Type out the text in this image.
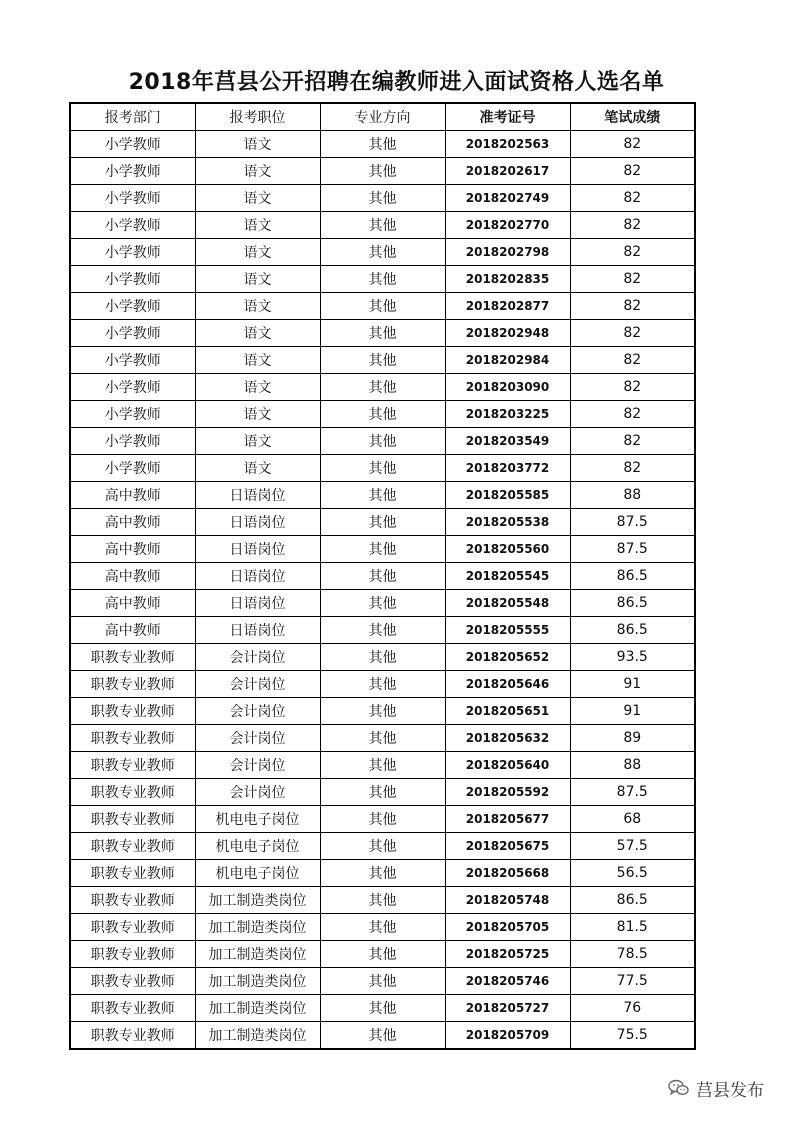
2018年莒县公开招聘在编教师进入面试资格人选名单
报考部门	报考职位	专业方向	准考证号	笔试成绩
小学教师	语文	其他	2018202563	82
小学教师	语文	其他	2018202617	82
小学教师	语文	其他	2018202749	82
小学教师	语文	其他	2018202770	82
小学教师	语文	其他	2018202798	82
小学教师	语文	其他	2018202835	82
小学教师	语文	其他	2018202877	82
小学教师	语文	其他	2018202948	82
小学教师	语文	其他	2018202984	82
小学教师	语文	其他	2018203090	82
小学教师	语文	其他	2018203225	82
小学教师	语文	其他	2018203549	82
小学教师	语文	其他	2018203772	82
高中教师	日语岗位	其他	2018205585	88
高中教师	日语岗位	其他	2018205538	87.5
高中教师	日语岗位	其他	2018205560	87.5
高中教师	日语岗位	其他	2018205545	86.5
高中教师	日语岗位	其他	2018205548	86.5
高中教师	日语岗位	其他	2018205555	86.5
职教专业教师	会计岗位	其他	2018205652	93.5
职教专业教师	会计岗位	其他	2018205646	91
职教专业教师	会计岗位	其他	2018205651	91
职教专业教师	会计岗位	其他	2018205632	89
职教专业教师	会计岗位	其他	2018205640	88
职教专业教师	会计岗位	其他	2018205592	87.5
职教专业教师	机电电子岗位	其他	2018205677	68
职教专业教师	机电电子岗位	其他	2018205675	57.5
职教专业教师	机电电子岗位	其他	2018205668	56.5
职教专业教师	加工制造类岗位	其他	2018205748	86.5
职教专业教师	加工制造类岗位	其他	2018205705	81.5
职教专业教师	加工制造类岗位	其他	2018205725	78.5
职教专业教师	加工制造类岗位	其他	2018205746	77.5
职教专业教师	加工制造类岗位	其他	2018205727	76
职教专业教师	加工制造类岗位	其他	2018205709	75.5
莒县发布
